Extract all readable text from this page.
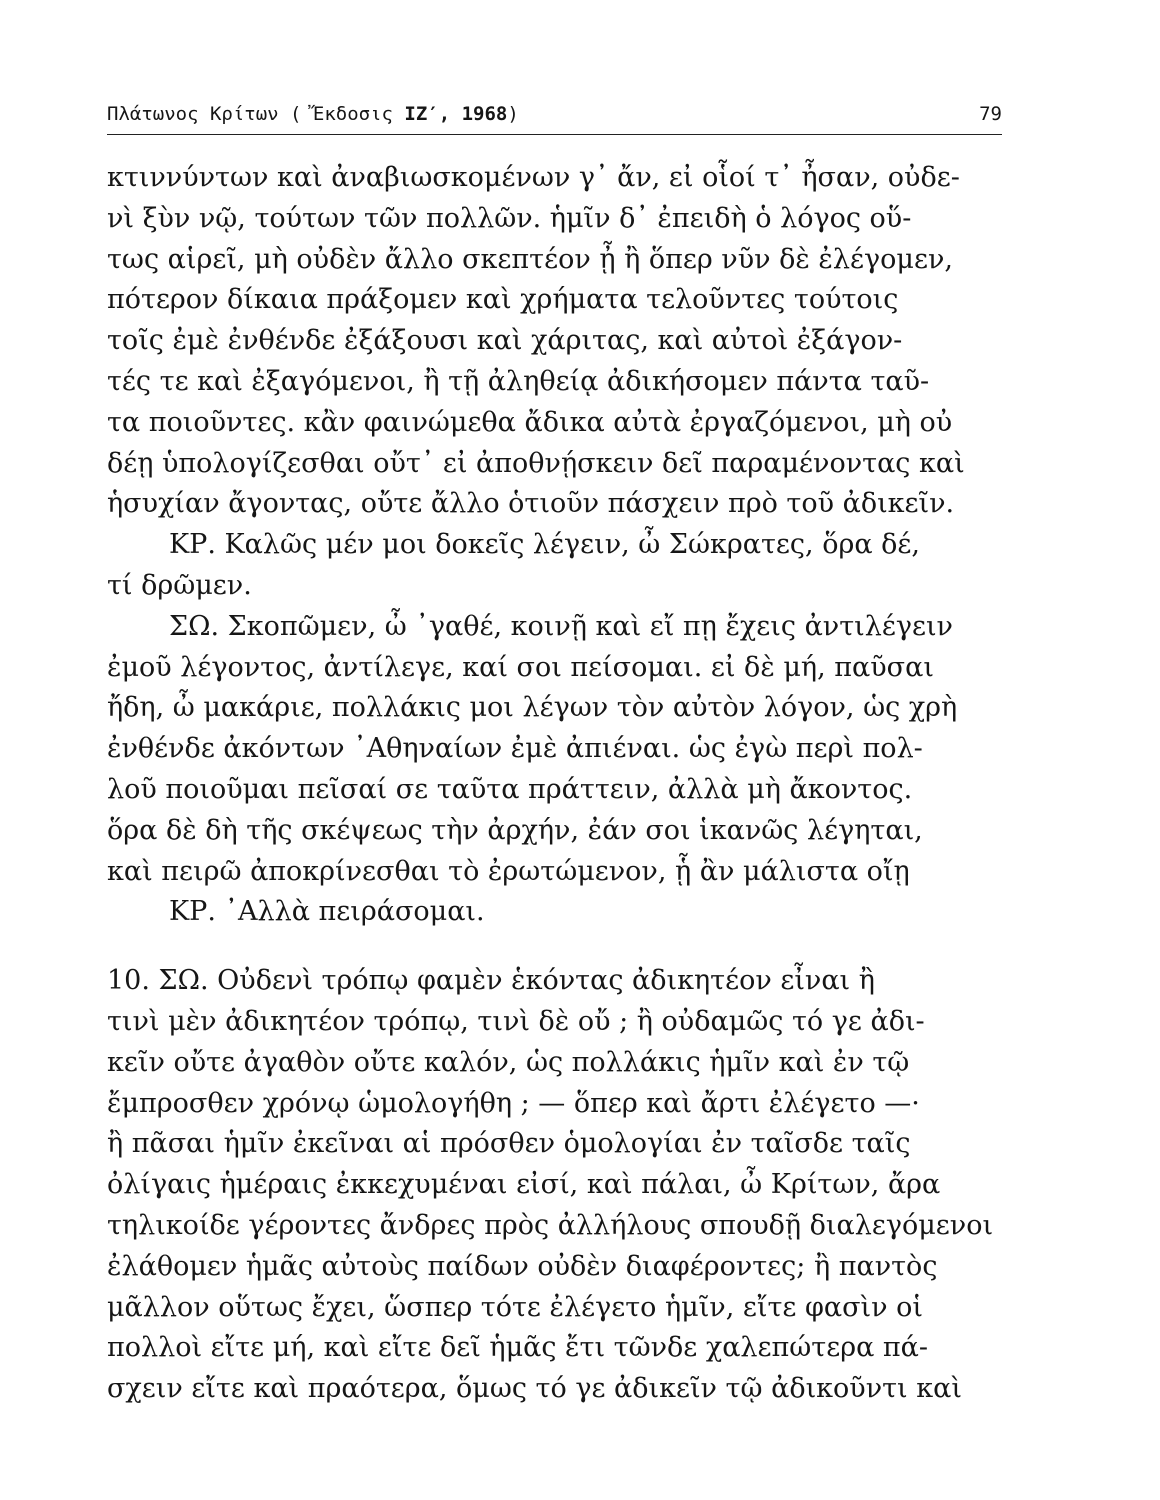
Πλάτωνος Κρίτων ( Ἔκδοσις ΙΖ′, 1968)	79
κτιννύντων καὶ ἀναβιωσκομένων γ᾽ ἄν, εἰ οἷοί τ᾽ ἦσαν, οὐδε-
νὶ ξὺν νῷ, τούτων τῶν πολλῶν. ἡμῖν δ᾽ ἐπειδὴ ὁ λόγος οὕ-
τως αἱρεῖ, μὴ οὐδὲν ἄλλο σκεπτέον ᾖ ἢ ὅπερ νῦν δὲ ἐλέγομεν,
πότερον δίκαια πράξομεν καὶ χρήματα τελοῦντες τούτοις
τοῖς ἐμὲ ἐνθένδε ἐξάξουσι καὶ χάριτας, καὶ αὐτοὶ ἐξάγον-
τές τε καὶ ἐξαγόμενοι, ἢ τῇ ἀληθείᾳ ἀδικήσομεν πάντα ταῦ-
τα ποιοῦντες. κἂν φαινώμεθα ἄδικα αὐτὰ ἐργαζόμενοι, μὴ οὐ
δέῃ ὑπολογίζεσθαι οὔτ᾽ εἰ ἀποθνῄσκειν δεῖ παραμένοντας καὶ
ἡσυχίαν ἄγοντας, οὔτε ἄλλο ὁτιοῦν πάσχειν πρὸ τοῦ ἀδικεῖν.
ΚΡ. Καλῶς μέν μοι δοκεῖς λέγειν, ὦ Σώκρατες, ὅρα δέ,
τί δρῶμεν.
ΣΩ. Σκοπῶμεν, ὦ ᾽γαθέ, κοινῇ καὶ εἴ πῃ ἔχεις ἀντιλέγειν
ἐμοῦ λέγοντος, ἀντίλεγε, καί σοι πείσομαι. εἰ δὲ μή, παῦσαι
ἤδη, ὦ μακάριε, πολλάκις μοι λέγων τὸν αὐτὸν λόγον, ὡς χρὴ
ἐνθένδε ἀκόντων ᾽Αθηναίων ἐμὲ ἀπιέναι. ὡς ἐγὼ περὶ πολ-
λοῦ ποιοῦμαι πεῖσαί σε ταῦτα πράττειν, ἀλλὰ μὴ ἄκοντος.
ὅρα δὲ δὴ τῆς σκέψεως τὴν ἀρχήν, ἐάν σοι ἱκανῶς λέγηται,
καὶ πειρῶ ἀποκρίνεσθαι τὸ ἐρωτώμενον, ᾗ ἂν μάλιστα οἴῃ
ΚΡ. ᾽Αλλὰ πειράσομαι.
10. ΣΩ. Οὐδενὶ τρόπῳ φαμὲν ἑκόντας ἀδικητέον εἶναι ἢ
τινὶ μὲν ἀδικητέον τρόπῳ, τινὶ δὲ οὔ ; ἢ οὐδαμῶς τό γε ἀδι-
κεῖν οὔτε ἀγαθὸν οὔτε καλόν, ὡς πολλάκις ἡμῖν καὶ ἐν τῷ
ἔμπροσθεν χρόνῳ ὡμολογήθη ; — ὅπερ καὶ ἄρτι ἐλέγετο —·
ἢ πᾶσαι ἡμῖν ἐκεῖναι αἱ πρόσθεν ὁμολογίαι ἐν ταῖσδε ταῖς
ὀλίγαις ἡμέραις ἐκκεχυμέναι εἰσί, καὶ πάλαι, ὦ Κρίτων, ἄρα
τηλικοίδε γέροντες ἄνδρες πρὸς ἀλλήλους σπουδῇ διαλεγόμενοι
ἐλάθομεν ἡμᾶς αὐτοὺς παίδων οὐδὲν διαφέροντες; ἢ παντὸς
μᾶλλον οὕτως ἔχει, ὥσπερ τότε ἐλέγετο ἡμῖν, εἴτε φασὶν οἱ
πολλοὶ εἴτε μή, καὶ εἴτε δεῖ ἡμᾶς ἔτι τῶνδε χαλεπώτερα πά-
σχειν εἴτε καὶ πραότερα, ὅμως τό γε ἀδικεῖν τῷ ἀδικοῦντι καὶ
